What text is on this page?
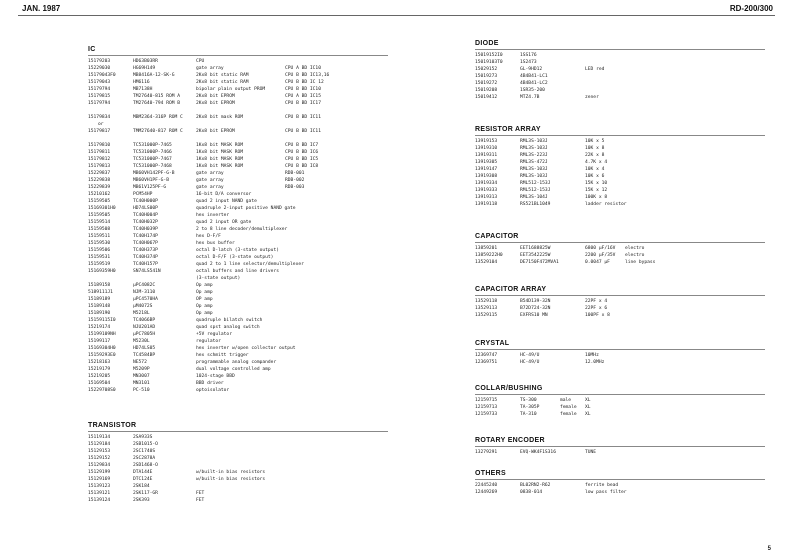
JAN. 1987	RD-200/300
IC
15179203	HD63B03RR	CPU
15229030	HG69H149	gate array	CPU A BD IC10
15179043F0	MB8416A-12-SK-G	2Kx8 bit static RAM	CPU B BD IC13,16
15179043	HM6116	2Kx8 bit static RAM	CPU B BD IC 12
15179794	MB7138H	bipolar plain output PROM	CPU B BD IC10
15179815	TM27640-815 ROM A	2Kx8 bit EPROM	CPU A BD IC15
15179794	TM27640-794 ROM B	2Kx8 bit EPROM	CPU B BD IC17
15179834	MBM2364-316P ROM C	2Kx8 bit mask ROM	CPU B BD IC11
or
15179817	TMM27640-817 ROM C	2Kx8 bit EPROM	CPU B BD IC11
15179810	TC531000P-7465	1Kx8 bit MASK ROM	CPU B BD IC7
15179811	TC531000P-7466	1Kx8 bit MASK ROM	CPU B BD IC6
15179812	TC531000P-7467	1Kx8 bit MASK ROM	CPU B BD IC5
15179813	TC531000P-7468	1Kx8 bit MASK ROM	CPU B BD IC8
15229837	MB60VH142PF-G-B	gate array	RDB-001
15229838	MB60VH1PF-G-B	gate array	RDB-002
15229839	MB61V125PF-G	gate array	RDB-003
15210162	PCM54HP	16-bit D/A conversor
15159505	TC40H000P	quad 2 input NAND gate
15169301H0	HD74LS00P	quadruple 2-input positive NAND gate
15159505	TC40H004P	hex inverter
15159514	TC40H032P	quad 2 input OR gate
15159508	TC40H039P	2 to 8 line decoder/demultiplexer
15159511	TC40H174P	hex D-F/F
15159530	TC40H067P	hex bus buffer
15159506	TC40H373P	octal D-latch (3-state output)
15159531	TC40H374P	octal D-F/F (3-state output)
15159519	TC40H157P	quad 2 to 1 line selector/demultiplexer
15169359H0	SN74LS541N	octal buffers and line drivers
(3-state output)
15189158	μPC4082C	Op amp
5189111J1	NJM-3110	Op amp
15189189	μPC4570HA	OP amp
15189148	μM4072S	Op amp
15189190	M5218L	Op amp
15159115I0	TC4066BP	quadruple bilatch switch
15219174	NJU201AD	quad spst analog switch
15199109NH	μPC7805H	+5V regulator
15199117	M5230L	regulator
15169304H0	HD74LS05	hex inverter w/open collector output
15159293E0	TC4584BP	hex schmitt trigger
15218163	NE572	programmable analog compander
15219179	M5209P	dual voltage controlled amp
15219205	MN3007	1024-stage BBD
15169504	MN3101	BBD driver
15229708S0	PC-510	optoisolator
TRANSISTOR
15119134	2SA933S
15129184	2SB1015-O
15129153	2SC1740S
15129152	2SC2878A
15129834	2SD1468-O
15129199	DTA144E	w/built-in bias resistors
15129169	DTC124E	w/built-in bias resistors
15139123	2SK184
15139121	2SK117-GR	FET
15139124	2SK393	FET
DIODE
15019152I0	1SS176
15019103T0	1S2473
15029152	GL-9HD12	LED red
15019273	4B4B41-LC1
15019272	4B4B41-LC2
15019208	1SR35-200
15019412	MTZ4.7B	zener
RESISTOR ARRAY
13919153	RML3S-103J	10K x 5
13919310	RML3S-103J	10K x 8
13919311	RML3S-223J	22K x 8
13919305	RML3S-472J	4.7K x 4
13919147	RML3S-103J	10K x 4
13919308	RML3S-103J	10K x 6
13919334	RML512-153J	15K x 10
13919333	RML512-153J	15K x 12
13919313	RML3S-104J	100K x 8
13919118	RS521BL1049	ladder resistor
CAPACITOR
13859201	EET1688825W	6800 μF/16V electro
13859222H0	EET3542225W	2200 μF/35V electro
13529104	DE7150F472MVA1	0.0047 μF	line bypass
CAPACITOR ARRAY
13529118	B54D139-32N	22PF x 4
13529113	B72D724-32N	22PF x 6
13529115	EXFRS10 MN	100PF x 8
CRYSTAL
12369747	HC-49/U	10MHz
12369751	HC-49/U	12.0MHz
COLLAR/BUSHING
12159715	TS-300	male	XL
12159713	TA-305P	female XL
12159733	TA-310	female XL
ROTARY ENCODER
13279291	EVQ-WK4F1S316	TUNE
OTHERS
22445240	BL02RN2-R62	ferrite bead
12449269	0838-014	low pass filter
5
